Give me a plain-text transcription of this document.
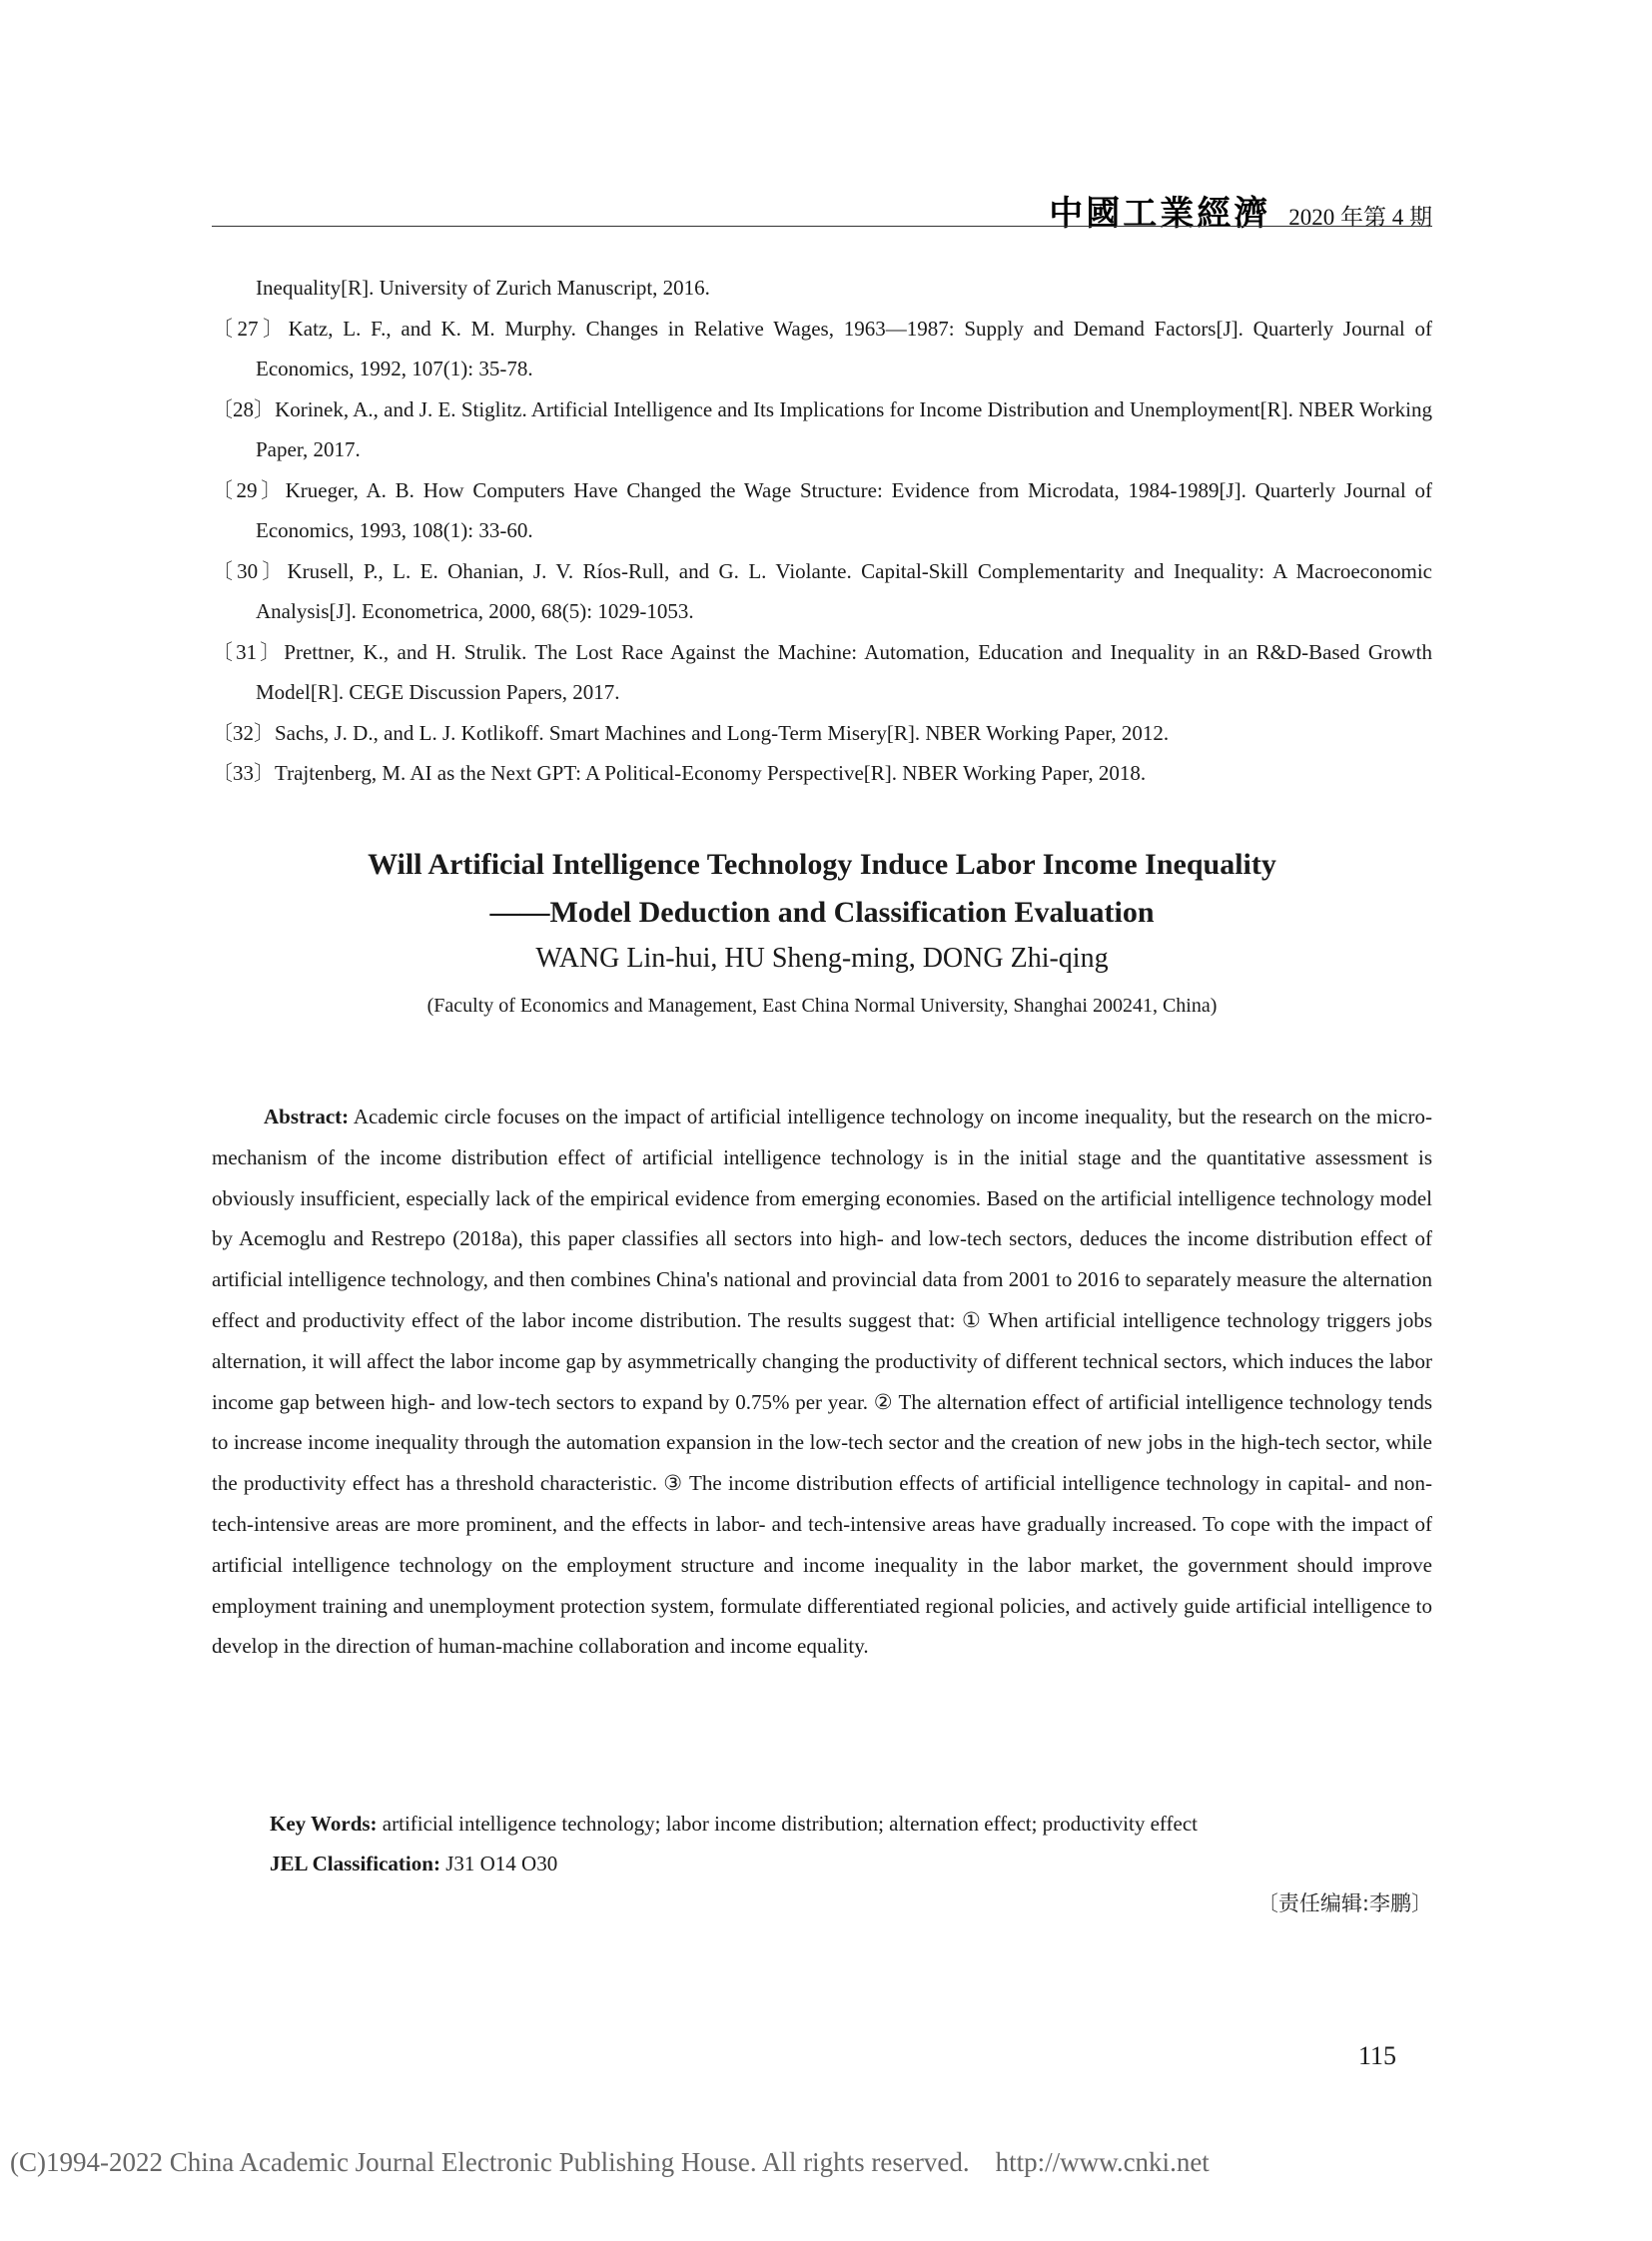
中國工業經濟 2020 年第 4 期
Inequality[R]. University of Zurich Manuscript, 2016.
〔27〕Katz, L. F., and K. M. Murphy. Changes in Relative Wages, 1963—1987: Supply and Demand Factors[J]. Quarterly Journal of Economics, 1992, 107(1): 35-78.
〔28〕Korinek, A., and J. E. Stiglitz. Artificial Intelligence and Its Implications for Income Distribution and Unemployment[R]. NBER Working Paper, 2017.
〔29〕Krueger, A. B. How Computers Have Changed the Wage Structure: Evidence from Microdata, 1984-1989[J]. Quarterly Journal of Economics, 1993, 108(1): 33-60.
〔30〕Krusell, P., L. E. Ohanian, J. V. Ríos-Rull, and G. L. Violante. Capital-Skill Complementarity and Inequality: A Macroeconomic Analysis[J]. Econometrica, 2000, 68(5): 1029-1053.
〔31〕Prettner, K., and H. Strulik. The Lost Race Against the Machine: Automation, Education and Inequality in an R&D-Based Growth Model[R]. CEGE Discussion Papers, 2017.
〔32〕Sachs, J. D., and L. J. Kotlikoff. Smart Machines and Long-Term Misery[R]. NBER Working Paper, 2012.
〔33〕Trajtenberg, M. AI as the Next GPT: A Political-Economy Perspective[R]. NBER Working Paper, 2018.
Will Artificial Intelligence Technology Induce Labor Income Inequality
——Model Deduction and Classification Evaluation
WANG Lin-hui, HU Sheng-ming, DONG Zhi-qing
(Faculty of Economics and Management, East China Normal University, Shanghai 200241, China)
Abstract: Academic circle focuses on the impact of artificial intelligence technology on income inequality, but the research on the micro-mechanism of the income distribution effect of artificial intelligence technology is in the initial stage and the quantitative assessment is obviously insufficient, especially lack of the empirical evidence from emerging economies. Based on the artificial intelligence technology model by Acemoglu and Restrepo (2018a), this paper classifies all sectors into high- and low-tech sectors, deduces the income distribution effect of artificial intelligence technology, and then combines China's national and provincial data from 2001 to 2016 to separately measure the alternation effect and productivity effect of the labor income distribution. The results suggest that: ① When artificial intelligence technology triggers jobs alternation, it will affect the labor income gap by asymmetrically changing the productivity of different technical sectors, which induces the labor income gap between high- and low-tech sectors to expand by 0.75% per year. ② The alternation effect of artificial intelligence technology tends to increase income inequality through the automation expansion in the low-tech sector and the creation of new jobs in the high-tech sector, while the productivity effect has a threshold characteristic. ③ The income distribution effects of artificial intelligence technology in capital- and non-tech-intensive areas are more prominent, and the effects in labor- and tech-intensive areas have gradually increased. To cope with the impact of artificial intelligence technology on the employment structure and income inequality in the labor market, the government should improve employment training and unemployment protection system, formulate differentiated regional policies, and actively guide artificial intelligence to develop in the direction of human-machine collaboration and income equality.
Key Words: artificial intelligence technology; labor income distribution; alternation effect; productivity effect
JEL Classification: J31 O14 O30
〔责任编辑:李鹏〕
115
(C)1994-2022 China Academic Journal Electronic Publishing House. All rights reserved. http://www.cnki.net
